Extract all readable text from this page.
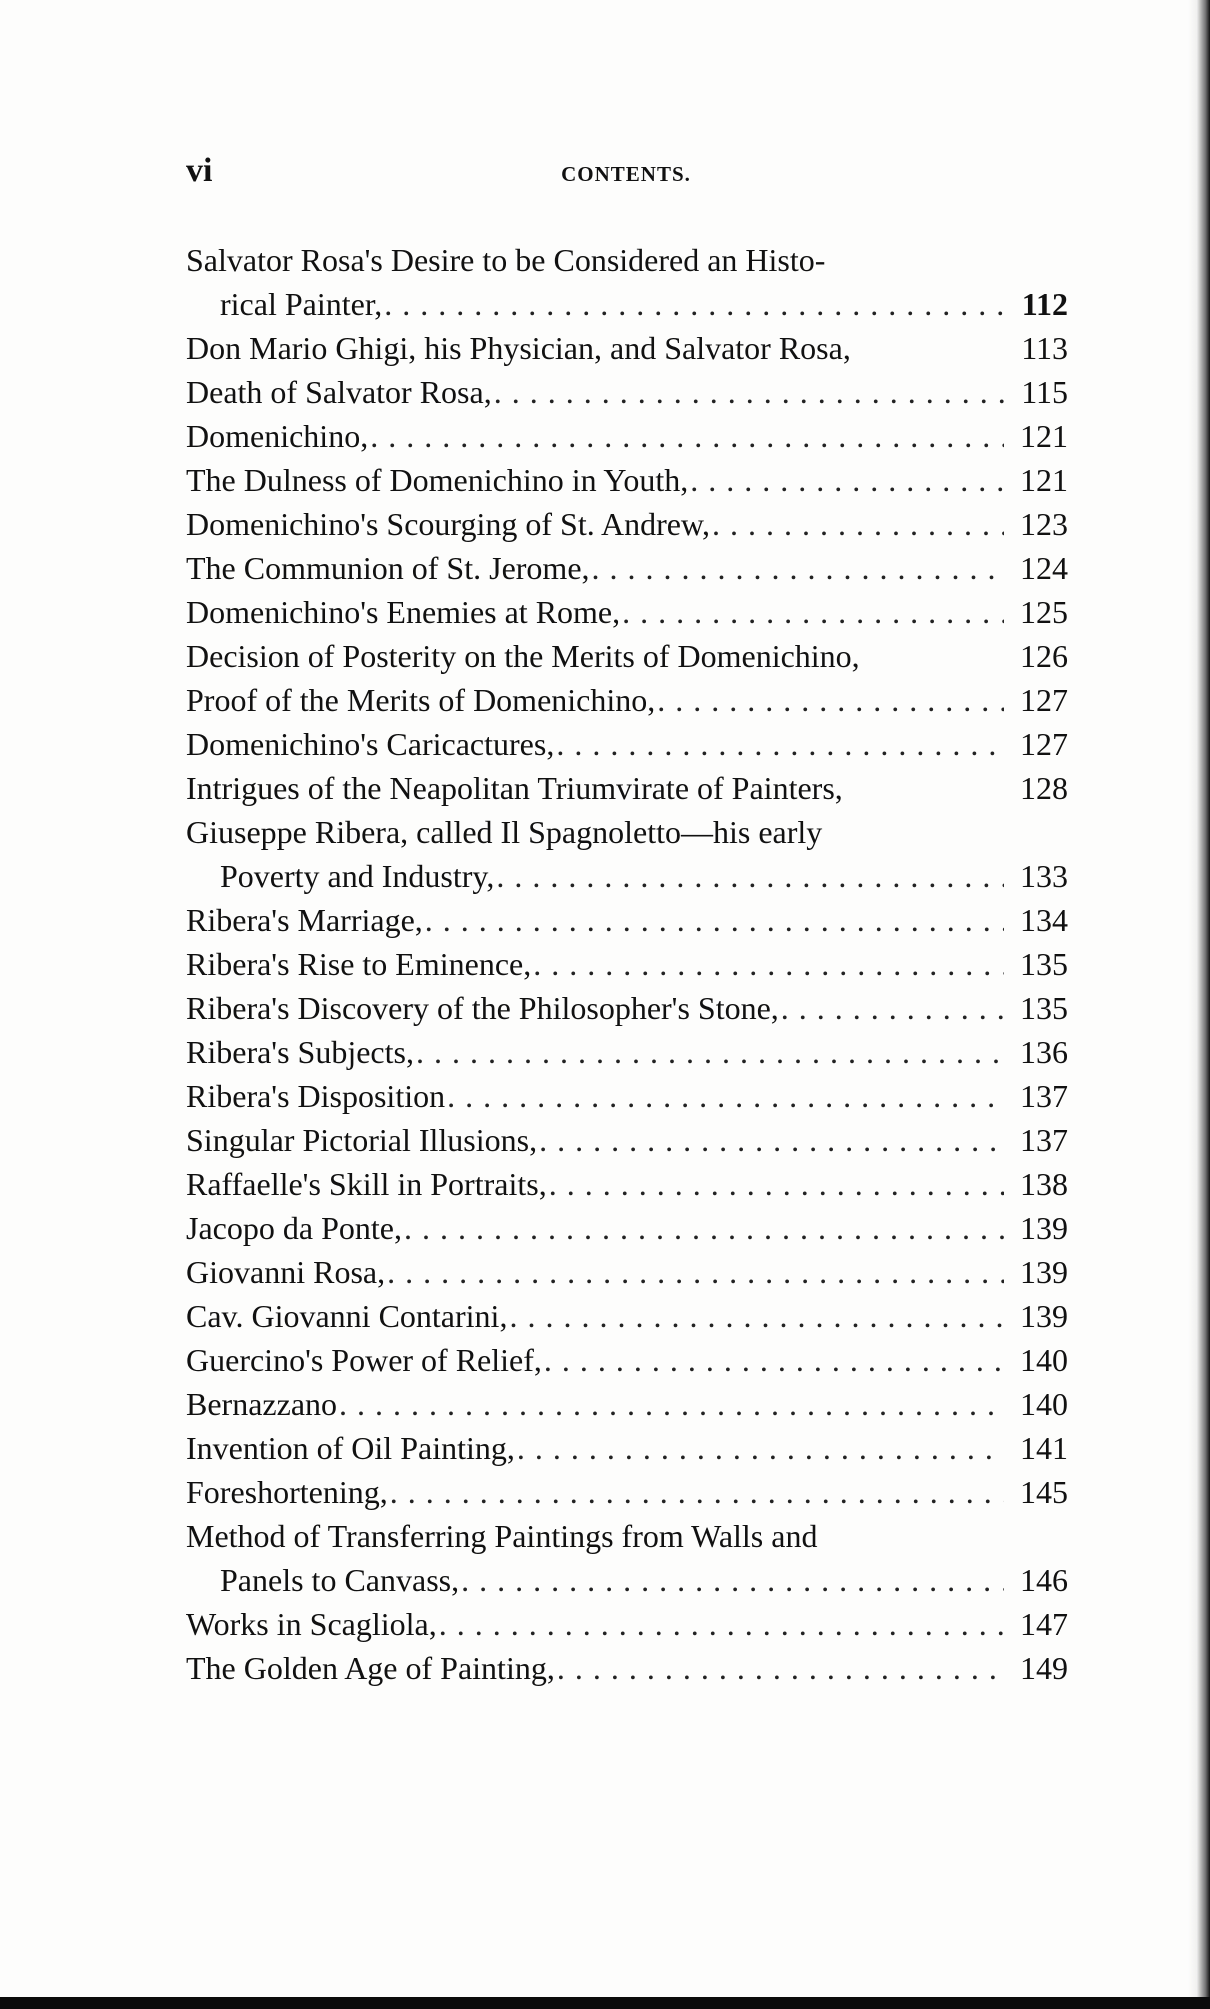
vi	CONTENTS.
Salvator Rosa's Desire to be Considered an Histo-
rical Painter, . . .	112
Don Mario Ghigi, his Physician, and Salvator Rosa,	113
Death of Salvator Rosa, . . .	115
Domenichino, . . .	121
The Dulness of Domenichino in Youth, . . .	121
Domenichino's Scourging of St. Andrew, . . .	123
The Communion of St. Jerome, . . .	124
Domenichino's Enemies at Rome, . . .	125
Decision of Posterity on the Merits of Domenichino,	126
Proof of the Merits of Domenichino, . . .	127
Domenichino's Caricactures, . . .	127
Intrigues of the Neapolitan Triumvirate of Painters,	128
Giuseppe Ribera, called Il Spagnoletto—his early
Poverty and Industry, . . .	133
Ribera's Marriage, . . .	134
Ribera's Rise to Eminence, . . .	135
Ribera's Discovery of the Philosopher's Stone, . . .	135
Ribera's Subjects, . . .	136
Ribera's Disposition . . .	137
Singular Pictorial Illusions, . . .	137
Raffaelle's Skill in Portraits, . . .	138
Jacopo da Ponte, . . .	139
Giovanni Rosa, . . .	139
Cav. Giovanni Contarini, . . .	139
Guercino's Power of Relief, . . .	140
Bernazzano . . .	140
Invention of Oil Painting, . . .	141
Foreshortening, . . .	145
Method of Transferring Paintings from Walls and
Panels to Canvass, . . .	146
Works in Scagliola, . . .	147
The Golden Age of Painting, . . .	149
